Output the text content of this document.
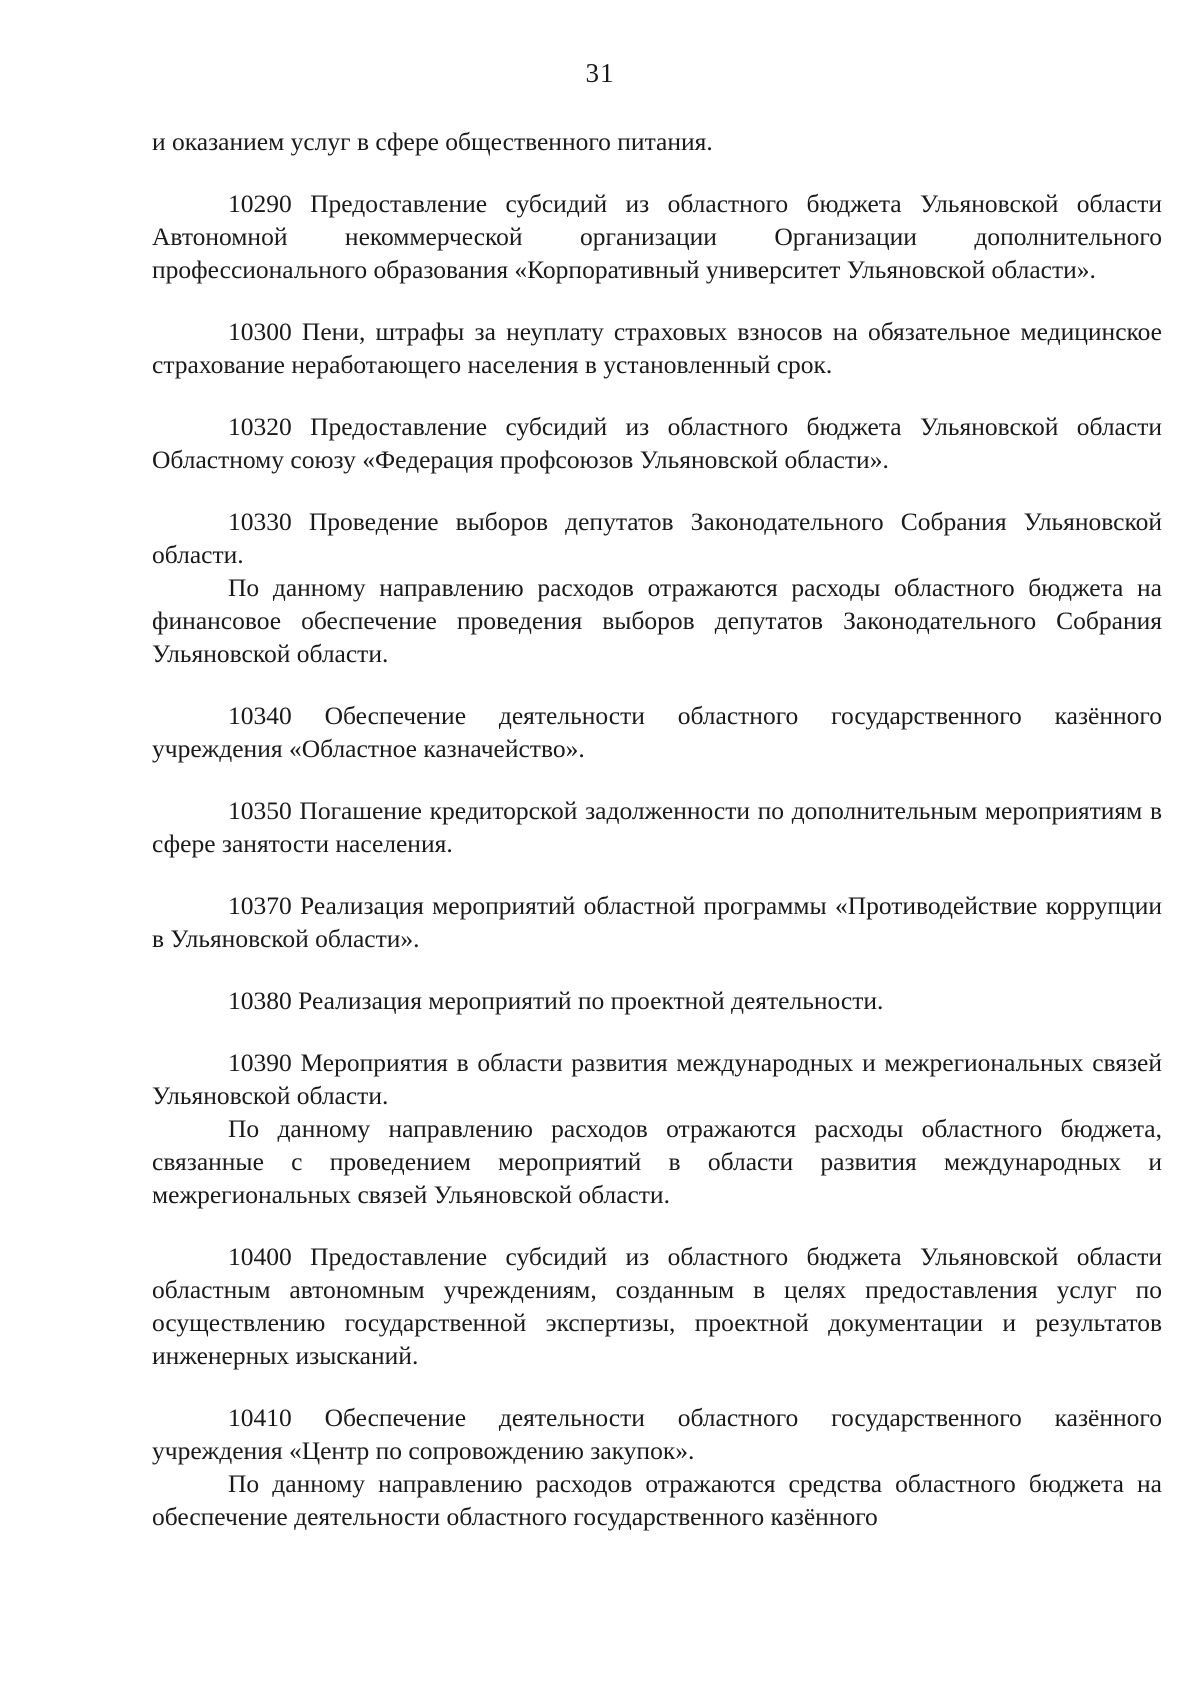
31

и оказанием услуг в сфере общественного питания.

10290 Предоставление субсидий из областного бюджета Ульяновской области Автономной некоммерческой организации Организации дополнительного профессионального образования «Корпоративный университет Ульяновской области».

10300 Пени, штрафы за неуплату страховых взносов на обязательное медицинское страхование неработающего населения в установленный срок.

10320 Предоставление субсидий из областного бюджета Ульяновской области Областному союзу «Федерация профсоюзов Ульяновской области».

10330 Проведение выборов депутатов Законодательного Собрания Ульяновской области.

По данному направлению расходов отражаются расходы областного бюджета на финансовое обеспечение проведения выборов депутатов Законодательного Собрания Ульяновской области.

10340 Обеспечение деятельности областного государственного казённого учреждения «Областное казначейство».

10350 Погашение кредиторской задолженности по дополнительным мероприятиям в сфере занятости населения.

10370 Реализация мероприятий областной программы «Противодействие коррупции в Ульяновской области».

10380 Реализация мероприятий по проектной деятельности.

10390 Мероприятия в области развития международных и межрегиональных связей Ульяновской области.

По данному направлению расходов отражаются расходы областного бюджета, связанные с проведением мероприятий в области развития международных и межрегиональных связей Ульяновской области.

10400 Предоставление субсидий из областного бюджета Ульяновской области областным автономным учреждениям, созданным в целях предоставления услуг по осуществлению государственной экспертизы, проектной документации и результатов инженерных изысканий.

10410 Обеспечение деятельности областного государственного казённого учреждения «Центр по сопровождению закупок».

По данному направлению расходов отражаются средства областного бюджета на обеспечение деятельности областного государственного казённого
